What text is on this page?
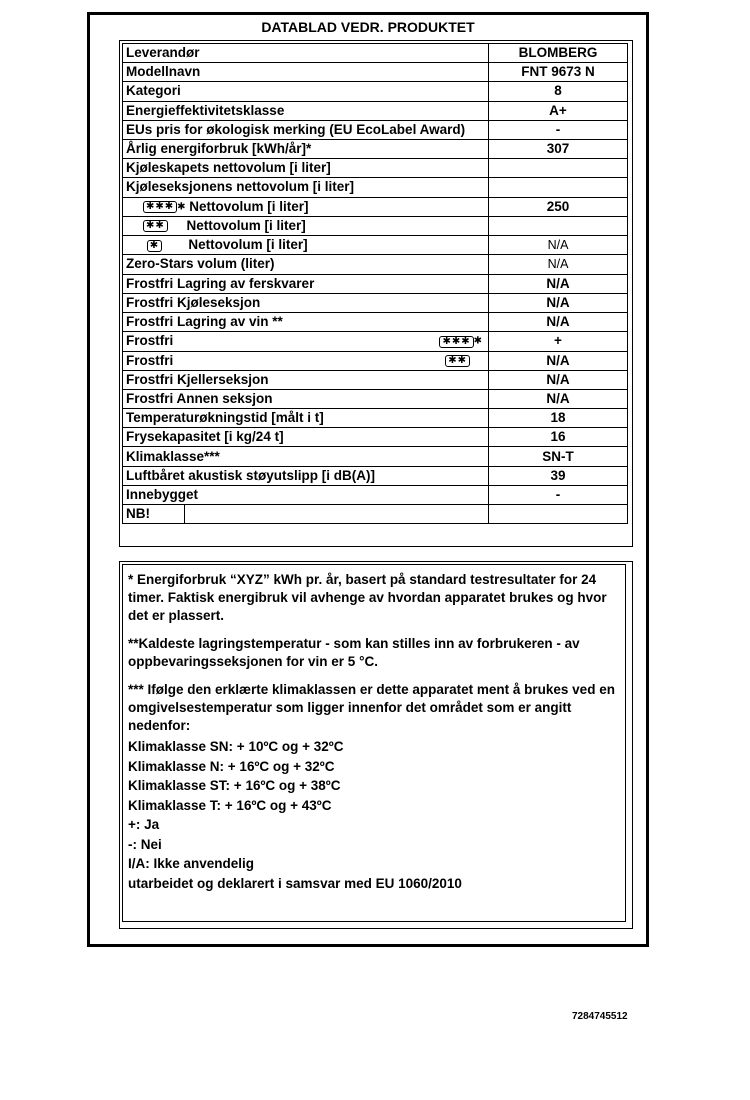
DATABLAD VEDR. PRODUKTET
Leverandør	BLOMBERG
Modellnavn	FNT 9673 N
Kategori	8
Energieffektivitetsklasse	A+
EUs pris for økologisk merking (EU EcoLabel Award)	-
Årlig energiforbruk [kWh/år]*	307
Kjøleskapets nettovolum [i liter]	
Kjøleseksjonens nettovolum [i liter]	
✱✱✱ ✱ Nettovolum [i liter]	250
✱✱ Nettovolum [i liter]	
✱ Nettovolum [i liter]	N/A
Zero-Stars volum (liter)	N/A
Frostfri Lagring av ferskvarer	N/A
Frostfri Kjøleseksjon	N/A
Frostfri Lagring av vin **	N/A

Frostfri ✱✱✱ ✱	+

Frostfri ✱✱	N/A
Frostfri Kjellerseksjon	N/A
Frostfri Annen seksjon	N/A
Temperaturøkningstid [målt i t]	18
Frysekapasitet [i kg/24 t]	16
Klimaklasse***	SN-T
Luftbåret akustisk støyutslipp [i dB(A)]	39
Innebygget	-

NB!	

* Energiforbruk “XYZ” kWh pr. år, basert på standard testresultater for 24 timer. Faktisk energibruk vil avhenge av hvordan apparatet brukes og hvor det er plassert.

**Kaldeste lagringstemperatur - som kan stilles inn av forbrukeren - av oppbevaringsseksjonen for vin er 5 °C.

*** Ifølge den erklærte klimaklassen er dette apparatet ment å brukes ved en omgivelsestemperatur som ligger innenfor det området som er angitt nedenfor:

Klimaklasse SN: + 10ºC og + 32ºC
Klimaklasse N: + 16ºC og + 32ºC
Klimaklasse ST: + 16ºC og + 38ºC
Klimaklasse T: + 16ºC og + 43ºC
+: Ja
-: Nei
I/A: Ikke anvendelig
utarbeidet og deklarert i samsvar med EU 1060/2010
7284745512
